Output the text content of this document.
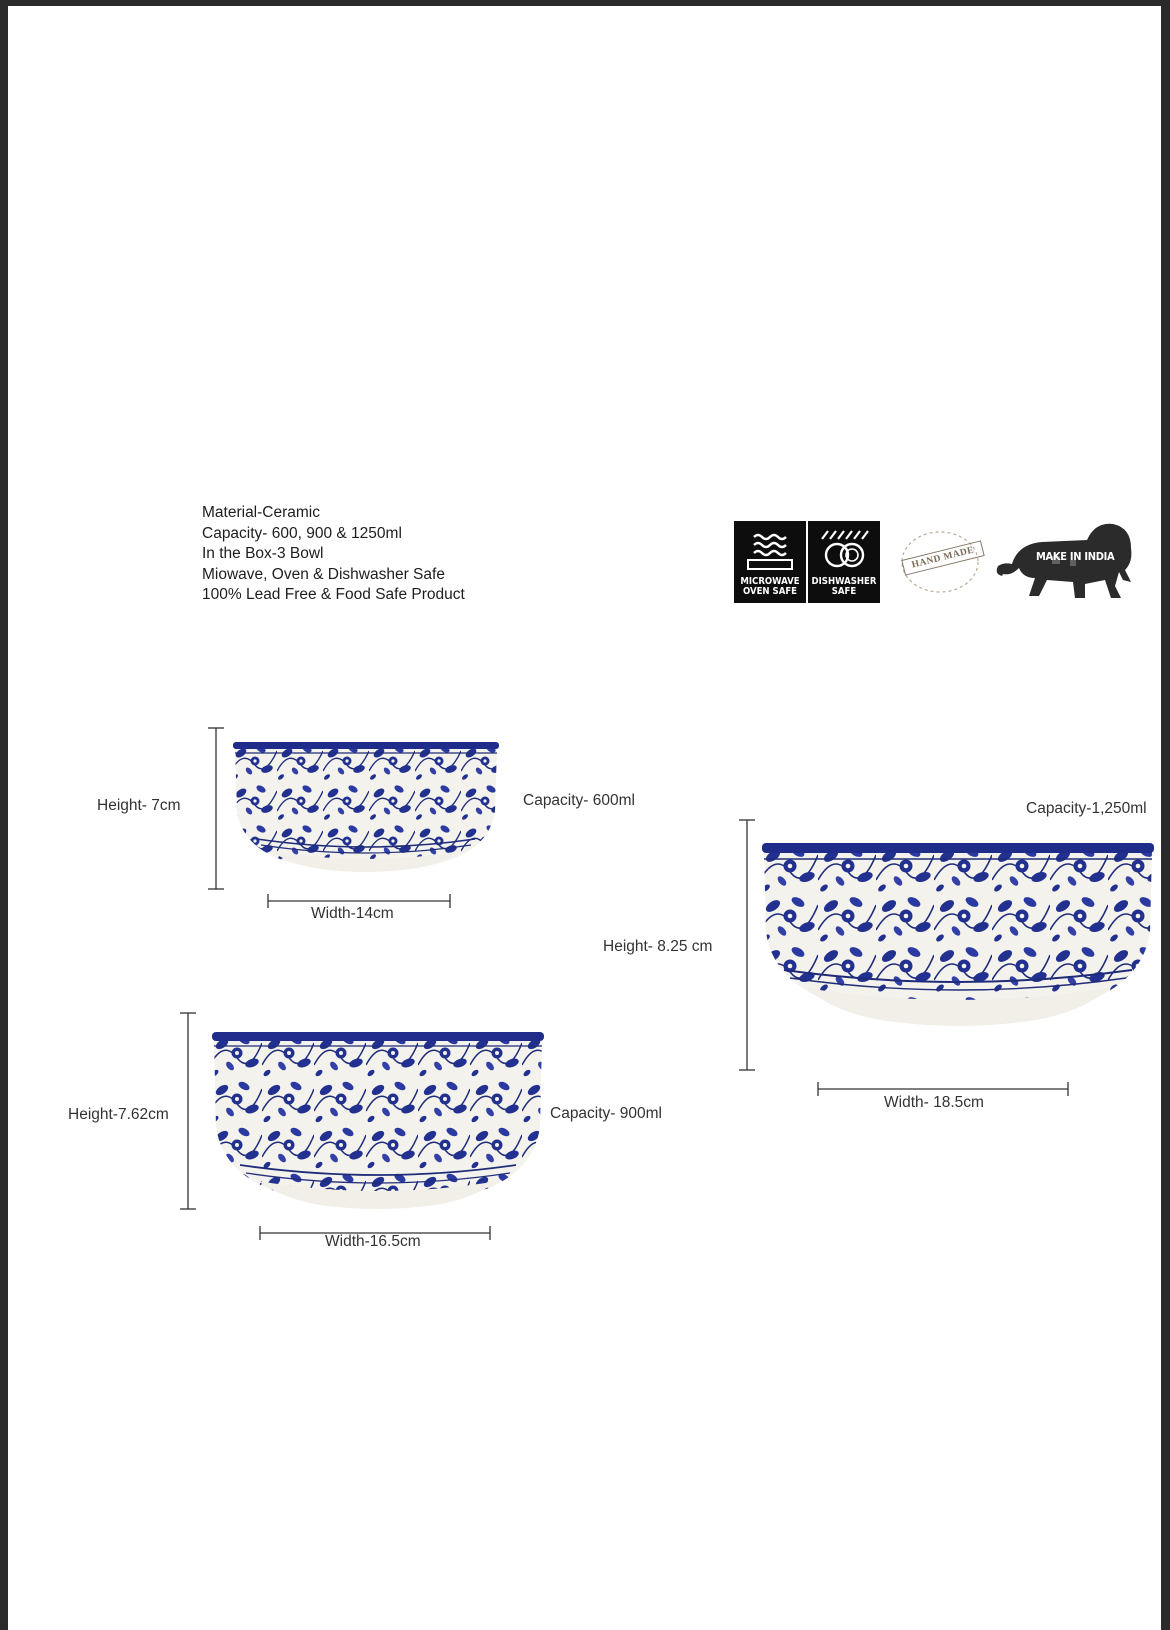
Material-Ceramic
Capacity- 600, 900 & 1250ml
In the Box-3 Bowl
Miowave, Oven & Dishwasher Safe
100% Lead Free & Food Safe Product
MICROWAVE OVEN SAFE
DISHWASHER SAFE
HAND MADE	MAKE IN INDIA
Height- 7cm
Width-14cm
Capacity- 600ml
Height-7.62cm
Width-16.5cm
Capacity- 900ml
Capacity-1,250ml
Height- 8.25 cm
Width- 18.5cm
